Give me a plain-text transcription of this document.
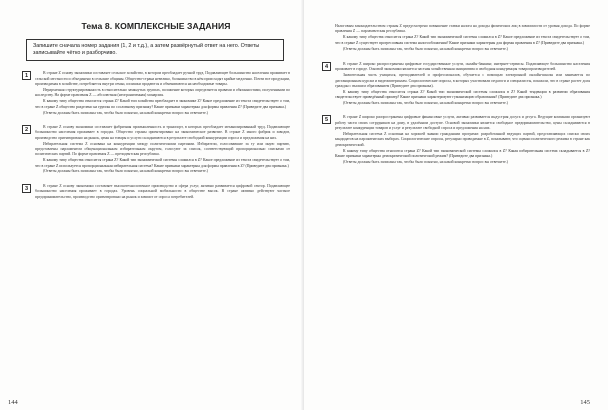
Тема 8. КОМПЛЕКСНЫЕ ЗАДАНИЯ

Запишите сначала номер задания (1, 2 и т.д.), а затем развёрнутый ответ на него. Ответы записывайте чётко и разборчиво.

1	В стране Z основу экономики составляет сельское хозяйство, в котором преобладает ручной труд. Подавляющее большинство населения проживает в сельской местности и объединено в сельские общины. Общество-страна невелико, большинство в нём происходят крайне медленно. Почти все продукции, производимая в хозяйстве, потребляется внутри семьи, излишки продаются и обмениваются на необходимые товары.

Иерархичная структурированность в относительно замкнутых группах, положение которых определяется правами и обязанностями, полученными по наследству. На форме правления Z — абсолютная (неограниченная) монархия.

К какому типу общества относится страна Z? Какой тип хозяйства преобладает в экономике Z? Какое предложение из текста свидетельствует о том, что в стране Z общество разделено на группы по сословному признаку? Какие признаки характерны для формы правления Z? (Приведите два признака.)

(Ответы должны быть записаны так, чтобы было понятно, на какой конкретно вопрос вы отвечаете.)

2	В стране Z основу экономики составляет фабричная промышленность и транспорт, в которых преобладает механизированный труд. Подавляющее большинство населения проживает в городах. Общество страны ориентировано на экономическое развитие. В стране Z много фабрик и заводов, производство ориентировано на рынок, цены на товары и услуги складываются в результате свободной конкуренции спроса и предложения на них.

Избирательная система Z основана на конкуренции между политическими партиями. Избиратели, голосовавшие за ту или иную партию, представлены парламентом общенациональным избирательным округом, голосуют за список, соответствующий пропорционально списками от политических партий. По форме правления Z — президентская республика.

К какому типу общества относится страна Z? Какой тип экономической системы сложился в Z? Какое предложение из текста свидетельствует о том, что в стране Z используется пропорциональная избирательная система? Какие признаки характерны для формы правления в Z? (Приведите два признака.)

(Ответы должны быть записаны так, чтобы было понятно, на какой конкретно вопрос вы отвечаете.)

3	В стране Z основу экономики составляет высокотехнологичное производство и сфера услуг, активно развивается цифровой сектор. Подавляющее большинство населения проживает в городах. Уровень социальной мобильности в обществе высок. В стране активно действуют частное предпринимательство, производство ориентировано на рынок и зависит от спроса потребителей.

144

Налоговым законодательством страны Z предусмотрено повышение ставки налога на доходы физических лиц в зависимости от уровня дохода. По форме правления Z — парламентская республика.

К какому типу общества относится страна Z? Какой тип экономической системы сложился в Z? Какое предложение из текста свидетельствует о том, что в стране Z существует прогрессивная система налогообложения? Какие признаки характерны для формы правления в Z? (Приведите два признака.)

(Ответы должны быть записаны так, чтобы было понятно, на какой конкретно вопрос вы отвечаете.)

4	В стране Z широко распространены цифровые государственные услуги, онлайн-банкинг, интернет-сервисы. Подавляющее большинство населения проживает в городе. Основой экономики является частная хозяйственная инициатива и свободная конкуренция товаропроизводителей.

Значительная часть учащихся, преподавателей и профессионалов, обучается с помощью электронной онлайн-школы или занимается по дистанционным курсам и видеоматериалам. Социологические опросы, в которых участвовали педагоги и специалисты, показали, что в стране растет доля граждан с высшим образованием (Приведите два признака).

К какому типу общества относится страна Z? Какой тип экономической системы сложился в Z? Какой тенденции в развитии образования свидетельствует приведённый пример? Какие признаки характеризуют гуманизацию образования? (Приведите два признака.)

(Ответы должны быть записаны так, чтобы было понятно, на какой конкретно вопрос вы отвечаете.)

5	В стране Z широко распространены цифровые финансовые услуги, активно развивается индустрия досуга и десуга. Ведущие компании организуют работу части своих сотрудников на дому, в удалённом доступе. Основой экономики является свободное предпринимательство, цены складываются в результате конкуренции товаров и услуг и результате свободной спроса и предложения на них.

Избирательная система Z основана на хорошей знании гражданами программ: разработанной ведущих партий, представляющих списки своих кандидатов на парламентских выборах. Социологические опросы, регулярно проводимые в Z, показывают, что оценки политического режима в стране как демократический.

К какому типу общества относится страна Z? Какой тип экономической системы сложился в Z? Какая избирательная система складывается в Z? Какие признаки характерны демократический политический режим? (Приведите два признака.)

(Ответы должны быть записаны так, чтобы было понятно, на какой конкретно вопрос вы отвечаете.)

145
